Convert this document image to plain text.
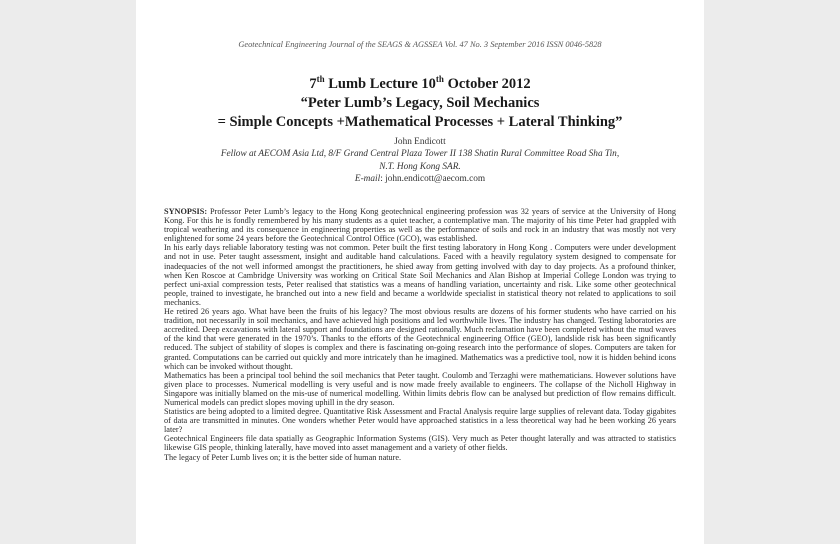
Geotechnical Engineering Journal of the SEAGS & AGSSEA Vol. 47 No. 3 September 2016 ISSN 0046-5828
7th Lumb Lecture 10th October 2012
“Peter Lumb’s Legacy, Soil Mechanics
= Simple Concepts +Mathematical Processes + Lateral Thinking”
John Endicott
Fellow at AECOM Asia Ltd, 8/F Grand Central Plaza Tower II 138 Shatin Rural Committee Road Sha Tin,
N.T. Hong Kong SAR.
E-mail: john.endicott@aecom.com

SYNOPSIS: Professor Peter Lumb’s legacy to the Hong Kong geotechnical engineering profession was 32 years of service at the University of Hong Kong. For this he is fondly remembered by his many students as a quiet teacher, a contemplative man. The majority of his time Peter had grappled with tropical weathering and its consequence in engineering properties as well as the performance of soils and rock in an industry that was mostly not very enlightened for some 24 years before the Geotechnical Control Office (GCO), was established.

In his early days reliable laboratory testing was not common. Peter built the first testing laboratory in Hong Kong . Computers were under development and not in use. Peter taught assessment, insight and auditable hand calculations. Faced with a heavily regulatory system designed to compensate for inadequacies of the not well informed amongst the practitioners, he shied away from getting involved with day to day projects. As a profound thinker, when Ken Roscoe at Cambridge University was working on Critical State Soil Mechanics and Alan Bishop at Imperial College London was trying to perfect uni-axial compression tests, Peter realised that statistics was a means of handling variation, uncertainty and risk. Like some other geotechnical people, trained to investigate, he branched out into a new field and became a worldwide specialist in statistical theory not related to applications to soil mechanics.

He retired 26 years ago. What have been the fruits of his legacy? The most obvious results are dozens of his former students who have carried on his tradition, not necessarily in soil mechanics, and have achieved high positions and led worthwhile lives. The industry has changed. Testing laboratories are accredited. Deep excavations with lateral support and foundations are designed rationally. Much reclamation have been completed without the mud waves of the kind that were generated in the 1970’s. Thanks to the efforts of the Geotechnical engineering Office (GEO), landslide risk has been significantly reduced. The subject of stability of slopes is complex and there is fascinating on-going research into the performance of slopes. Computers are taken for granted. Computations can be carried out quickly and more intricately than he imagined. Mathematics was a predictive tool, now it is hidden behind icons which can be invoked without thought.

Mathematics has been a principal tool behind the soil mechanics that Peter taught. Coulomb and Terzaghi were mathematicians. However solutions have given place to processes. Numerical modelling is very useful and is now made freely available to engineers. The collapse of the Nicholl Highway in Singapore was initially blamed on the mis-use of numerical modelling. Within limits debris flow can be analysed but prediction of flow remains difficult. Numerical models can predict slopes moving uphill in the dry season.

Statistics are being adopted to a limited degree. Quantitative Risk Assessment and Fractal Analysis require large supplies of relevant data. Today gigabites of data are transmitted in minutes. One wonders whether Peter would have approached statistics in a less theoretical way had he been working 26 years later?

Geotechnical Engineers file data spatially as Geographic Information Systems (GIS). Very much as Peter thought laterally and was attracted to statistics likewise GIS people, thinking laterally, have moved into asset management and a variety of other fields.

The legacy of Peter Lumb lives on; it is the better side of human nature.
